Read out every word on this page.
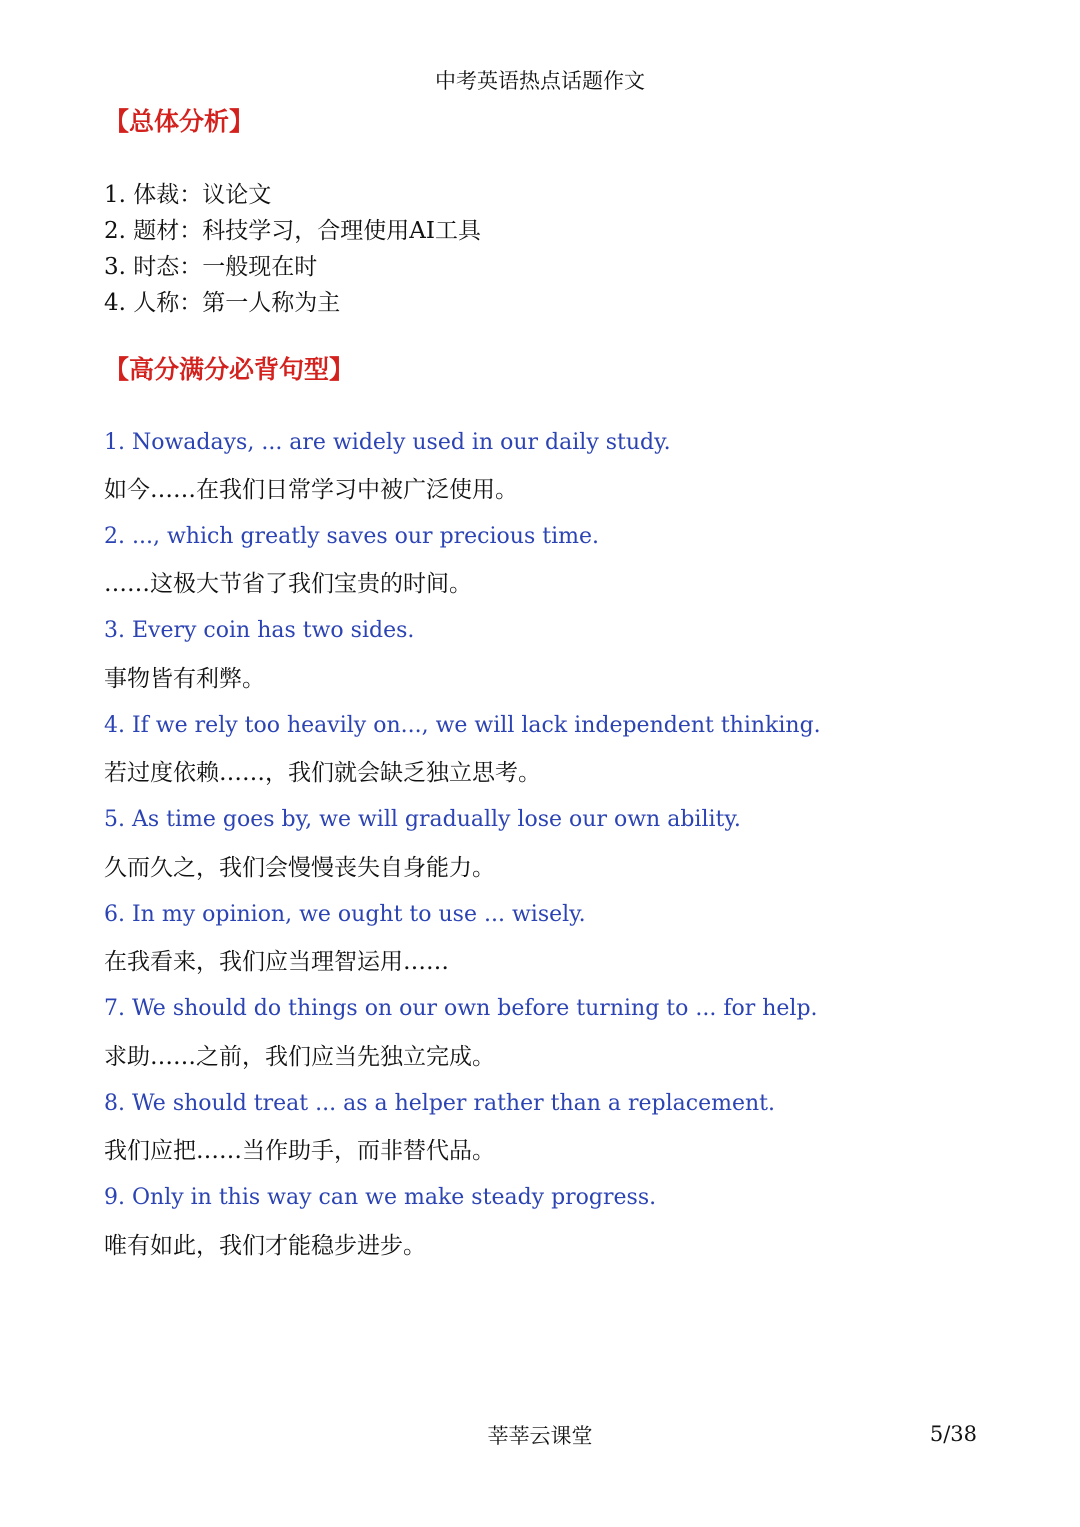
中考英语热点话题作文
【总体分析】
1. 体裁：议论文
2. 题材：科技学习，合理使用AI工具
3. 时态：一般现在时
4. 人称：第一人称为主
【高分满分必背句型】
1. Nowadays, ... are widely used in our daily study.
如今……在我们日常学习中被广泛使用。
2. ..., which greatly saves our precious time.
……这极大节省了我们宝贵的时间。
3. Every coin has two sides.
事物皆有利弊。
4. If we rely too heavily on..., we will lack independent thinking.
若过度依赖……，我们就会缺乏独立思考。
5. As time goes by, we will gradually lose our own ability.
久而久之，我们会慢慢丧失自身能力。
6. In my opinion, we ought to use ... wisely.
在我看来，我们应当理智运用……
7. We should do things on our own before turning to ... for help.
求助……之前，我们应当先独立完成。
8. We should treat ... as a helper rather than a replacement.
我们应把……当作助手，而非替代品。
9. Only in this way can we make steady progress.
唯有如此，我们才能稳步进步。
莘莘云课堂	5/38
